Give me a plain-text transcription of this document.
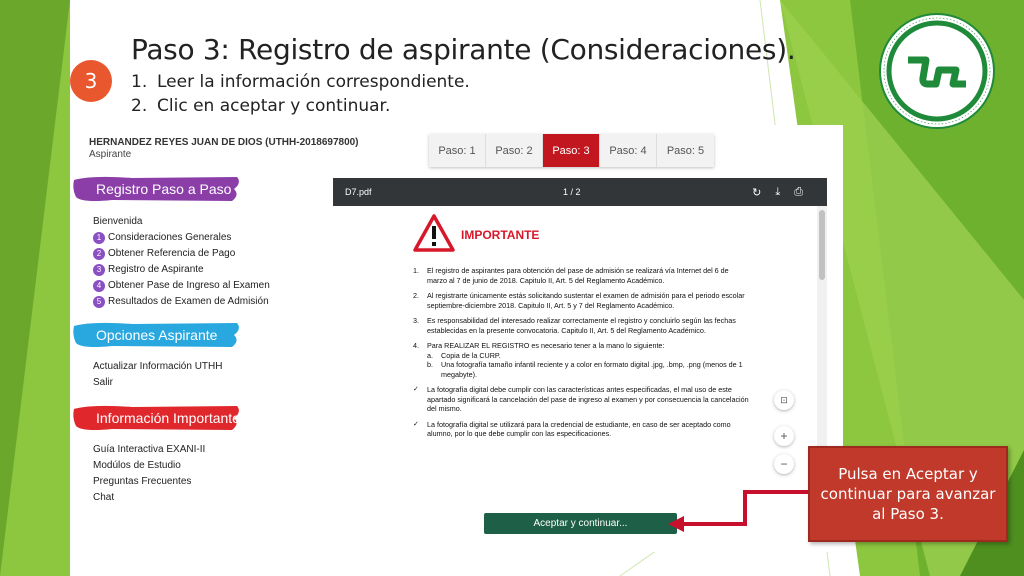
3
Paso 3: Registro de aspirante (Consideraciones).
1. Leer la información correspondiente.
2. Clic en aceptar y continuar.
HERNANDEZ REYES JUAN DE DIOS (UTHH-2018697800)
Aspirante
Registro Paso a Paso
Bienvenida
1 Consideraciones Generales
2 Obtener Referencia de Pago
3 Registro de Aspirante
4 Obtener Pase de Ingreso al Examen
5 Resultados de Examen de Admisión
Opciones Aspirante
Actualizar Información UTHH
Salir
Información Importante
Guía Interactiva EXANI-II
Modúlos de Estudio
Preguntas Frecuentes
Chat
Paso: 1	Paso: 2	Paso: 3	Paso: 4	Paso: 5
D7.pdf	1 / 2	↻ ⤓ ⎙
IMPORTANTE
1.	El registro de aspirantes para obtención del pase de admisión se realizará vía Internet del 6 de marzo al 7 de junio de 2018. Capitulo II, Art. 5 del Reglamento Académico.
2.	Al registrarte únicamente estás solicitando sustentar el examen de admisión para el periodo escolar septiembre-diciembre 2018. Capitulo II, Art. 5 y 7 del Reglamento Académico.
3.	Es responsabilidad del interesado realizar correctamente el registro y concluirlo según las fechas establecidas en la presente convocatoria. Capitulo II, Art. 5 del Reglamento Académico.
4.	Para REALIZAR EL REGISTRO es necesario tener a la mano lo siguiente:
a.	Copia de la CURP.
b.	Una fotografía tamaño infantil reciente y a color en formato digital .jpg, .bmp, .png (menos de 1 megabyte).
✓	La fotografía digital debe cumplir con las características antes especificadas, el mal uso de este apartado significará la cancelación del pase de ingreso al examen y por consecuencia la cancelación del mismo.
✓	La fotografía digital se utilizará para la credencial de estudiante, en caso de ser aceptado como alumno, por lo que debe cumplir con las especificaciones.
⊡
+
−
Aceptar y continuar...
Pulsa en Aceptar y continuar para avanzar al Paso 3.
